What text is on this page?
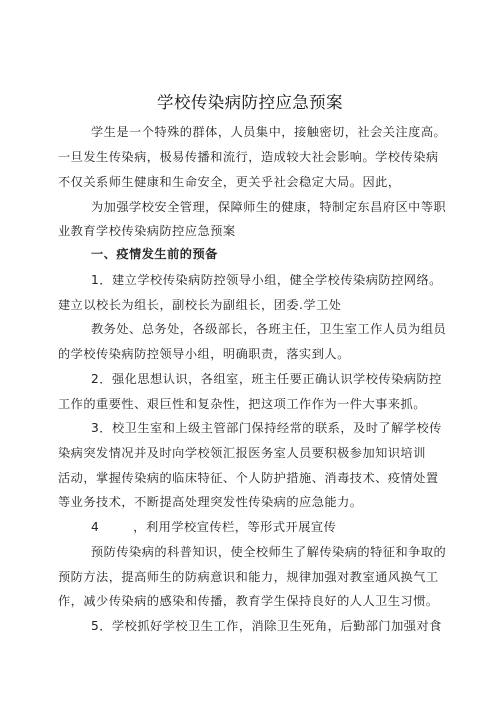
学校传染病防控应急预案
学生是一个特殊的群体，人员集中，接触密切，社会关注度高。
一旦发生传染病，极易传播和流行，造成较大社会影响。学校传染病
不仅关系师生健康和生命安全，更关乎社会稳定大局。因此，
为加强学校安全管理，保障师生的健康，特制定东昌府区中等职
业教育学校传染病防控应急预案
一、疫情发生前的预备
1．建立学校传染病防控领导小组，健全学校传染病防控网络。
建立以校长为组长，副校长为副组长，团委.学工处
教务处、总务处，各级部长，各班主任，卫生室工作人员为组员
的学校传染病防控领导小组，明确职责，落实到人。
2．强化思想认识，各组室，班主任要正确认识学校传染病防控
工作的重要性、艰巨性和复杂性，把这项工作作为一件大事来抓。
3．校卫生室和上级主管部门保持经常的联系，及时了解学校传
染病突发情况并及时向学校领汇报医务室人员要积极参加知识培训
活动，掌握传染病的临床特征、个人防护措施、消毒技术、疫情处置
等业务技术，不断提高处理突发性传染病的应急能力。
4	，利用学校宣传栏，等形式开展宣传
预防传染病的科普知识，使全校师生了解传染病的特征和争取的
预防方法，提高师生的防病意识和能力，规律加强对教室通风换气工
作，减少传染病的感染和传播，教育学生保持良好的人人卫生习惯。
5．学校抓好学校卫生工作，消除卫生死角，后勤部门加强对食
